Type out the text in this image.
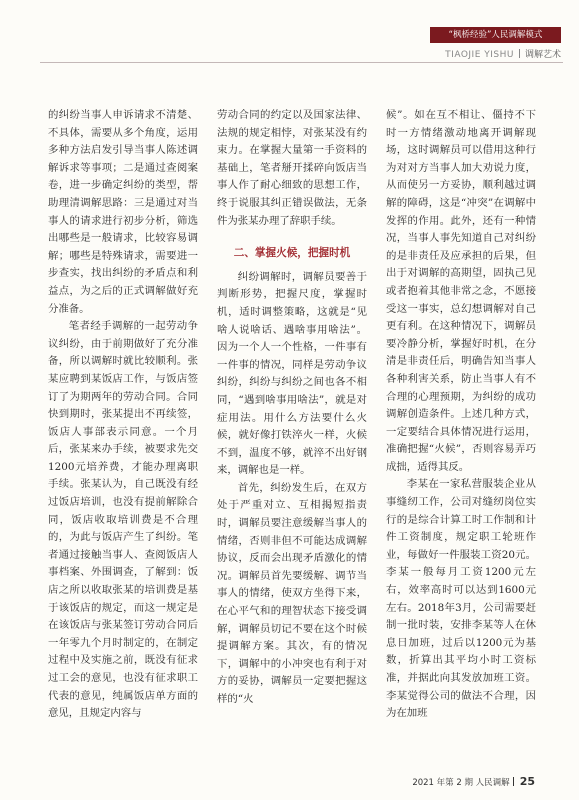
“枫桥经验”人民调解模式
TIAOJIE YISHU 调解艺术

的纠纷当事人申诉请求不清楚、不具体，需要从多个角度，运用多种方法启发引导当事人陈述调解诉求等事项；二是通过查阅案卷，进一步确定纠纷的类型，帮助理清调解思路：三是通过对当事人的请求进行初步分析，筛选出哪些是一般请求，比较容易调解；哪些是特殊请求，需要进一步查实，找出纠纷的矛盾点和利益点，为之后的正式调解做好充分准备。

笔者经手调解的一起劳动争议纠纷，由于前期做好了充分准备，所以调解时就比较顺利。张某应聘到某饭店工作，与饭店签订了为期两年的劳动合同。合同快到期时，张某提出不再续签，饭店人事部表示同意。一个月后，张某来办手续，被要求先交1200元培养费，才能办理离职手续。张某认为，自己既没有经过饭店培训，也没有提前解除合同，饭店收取培训费是不合理的，为此与饭店产生了纠纷。笔者通过接触当事人、查阅饭店人事档案、外围调查，了解到：饭店之所以收取张某的培训费是基于该饭店的规定，而这一规定是在该饭店与张某签订劳动合同后一年零九个月时制定的，在制定过程中及实施之前，既没有征求过工会的意见，也没有征求职工代表的意见，纯属饭店单方面的意见，且规定内容与

劳动合同的约定以及国家法律、法规的规定相悖，对张某没有约束力。在掌握大量第一手资料的基础上，笔者掰开揉碎向饭店当事人作了耐心细致的思想工作，终于说服其纠正错误做法，无条件为张某办理了辞职手续。

二、掌握火候，把握时机

纠纷调解时，调解员要善于判断形势，把握尺度，掌握时机，适时调整策略，这就是“见啥人说啥话、遇啥事用啥法”。因为一个人一个性格，一件事有一件事的情况，同样是劳动争议纠纷，纠纷与纠纷之间也各不相同，“遇到啥事用啥法”，就是对症用法。用什么方法要什么火候，就好像打铁淬火一样，火候不到，温度不够，就淬不出好钢来，调解也是一样。

首先，纠纷发生后，在双方处于严重对立、互相揭短指责时，调解员要注意缓解当事人的情绪，否则非但不可能达成调解协议，反而会出现矛盾激化的情况。调解员首先要缓解、调节当事人的情绪，使双方坐得下来，在心平气和的理智状态下接受调解，调解员切记不要在这个时候提调解方案。其次，有的情况下，调解中的小冲突也有利于对方的妥协，调解员一定要把握这样的“火

候”。如在互不相让、僵持不下时一方情绪激动地离开调解现场，这时调解员可以借用这种行为对对方当事人加大劝说力度，从而使另一方妥协，顺利越过调解的障碍，这是“冲突”在调解中发挥的作用。此外，还有一种情况，当事人事先知道自己对纠纷的是非责任及应承担的后果，但出于对调解的高期望，固执己见或者抱着其他非常之念，不愿接受这一事实，总幻想调解对自己更有利。在这种情况下，调解员要冷静分析，掌握好时机，在分清是非责任后，明确告知当事人各种利害关系，防止当事人有不合理的心理预期，为纠纷的成功调解创造条件。上述几种方式，一定要结合具体情况进行运用，准确把握“火候”，否则容易弄巧成拙，适得其反。

李某在一家私营服装企业从事缝纫工作，公司对缝纫岗位实行的是综合计算工时工作制和计件工资制度，规定职工轮班作业，每做好一件服装工资20元。李某一般每月工资1200元左右，效率高时可以达到1600元左右。2018年3月，公司需要赶制一批时装，安排李某等人在休息日加班，过后以1200元为基数，折算出其平均小时工资标准，并据此向其发放加班工资。李某觉得公司的做法不合理，因为在加班

2021 年第 2 期 人民调解 25
